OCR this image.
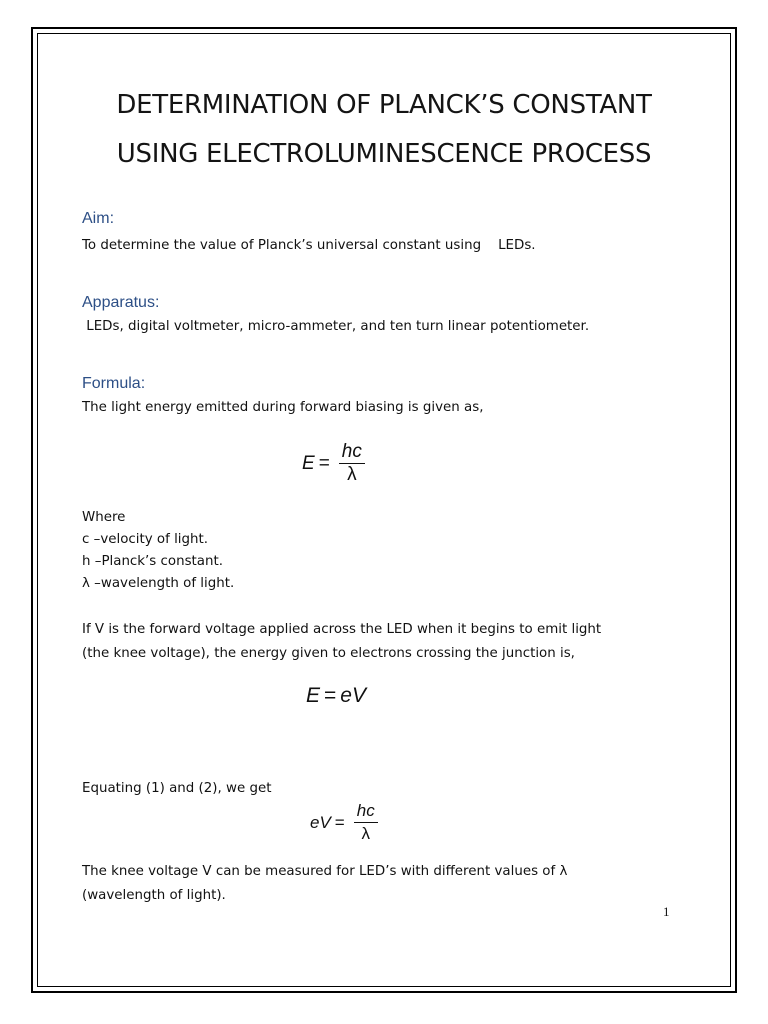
DETERMINATION OF PLANCK’S CONSTANT
USING ELECTROLUMINESCENCE PROCESS
Aim:
To determine the value of Planck’s universal constant using    LEDs.
Apparatus:
LEDs, digital voltmeter, micro-ammeter, and ten turn linear potentiometer.
Formula:
The light energy emitted during forward biasing is given as,
$E = \frac{hc}{\lambda}$
Where
c –velocity of light.
h –Planck’s constant.
λ –wavelength of light.
If V is the forward voltage applied across the LED when it begins to emit light
(the knee voltage), the energy given to electrons crossing the junction is,
E = eV
Equating (1) and (2), we get
eV = $\frac{hc}{\lambda}$
The knee voltage V can be measured for LED’s with different values of λ
(wavelength of light).
1
